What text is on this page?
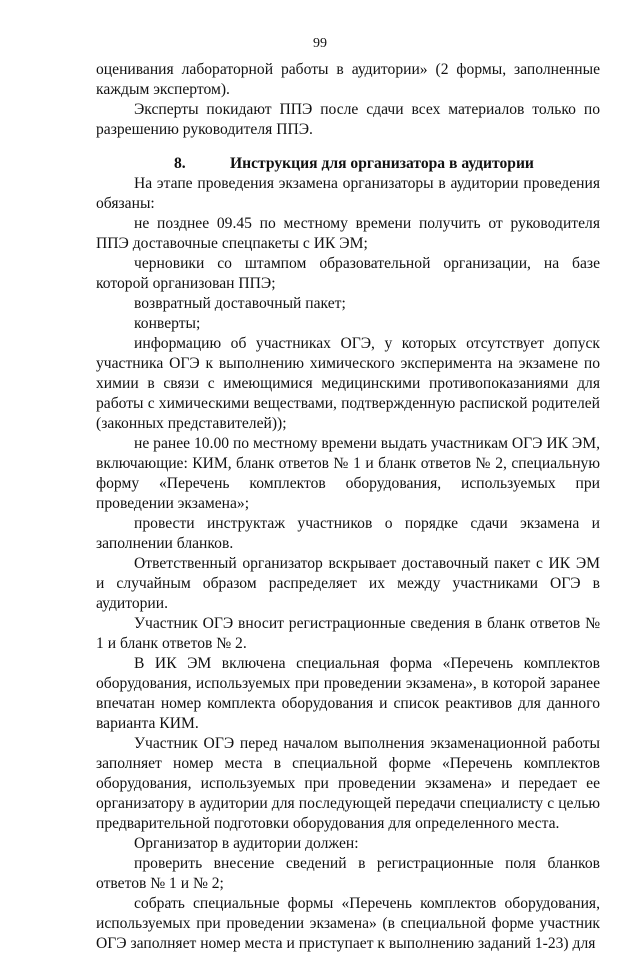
99

оценивания лабораторной работы в аудитории» (2 формы, заполненные каждым экспертом).

Эксперты покидают ППЭ после сдачи всех материалов только по разрешению руководителя ППЭ.

8.	Инструкция для организатора в аудитории

На этапе проведения экзамена организаторы в аудитории проведения обязаны:

не позднее 09.45 по местному времени получить от руководителя ППЭ доставочные спецпакеты с ИК ЭМ;

черновики со штампом образовательной организации, на базе которой организован ППЭ;

возвратный доставочный пакет;

конверты;

информацию об участниках ОГЭ, у которых отсутствует допуск участника ОГЭ к выполнению химического эксперимента на экзамене по химии в связи с имеющимися медицинскими противопоказаниями для работы с химическими веществами, подтвержденную распиской родителей (законных представителей));

не ранее 10.00 по местному времени выдать участникам ОГЭ ИК ЭМ, включающие: КИМ, бланк ответов № 1 и бланк ответов № 2, специальную форму «Перечень комплектов оборудования, используемых при проведении экзамена»;

провести инструктаж участников о порядке сдачи экзамена и заполнении бланков.

Ответственный организатор вскрывает доставочный пакет с ИК ЭМ и случайным образом распределяет их между участниками ОГЭ в аудитории.

Участник ОГЭ вносит регистрационные сведения в бланк ответов № 1 и бланк ответов № 2.

В ИК ЭМ включена специальная форма «Перечень комплектов оборудования, используемых при проведении экзамена», в которой заранее впечатан номер комплекта оборудования и список реактивов для данного варианта КИМ.

Участник ОГЭ перед началом выполнения экзаменационной работы заполняет номер места в специальной форме «Перечень комплектов оборудования, используемых при проведении экзамена» и передает ее организатору в аудитории для последующей передачи специалисту с целью предварительной подготовки оборудования для определенного места.

Организатор в аудитории должен:

проверить внесение сведений в регистрационные поля бланков ответов № 1 и № 2;

собрать специальные формы «Перечень комплектов оборудования, используемых при проведении экзамена» (в специальной форме участник ОГЭ заполняет номер места и приступает к выполнению заданий 1-23) для
